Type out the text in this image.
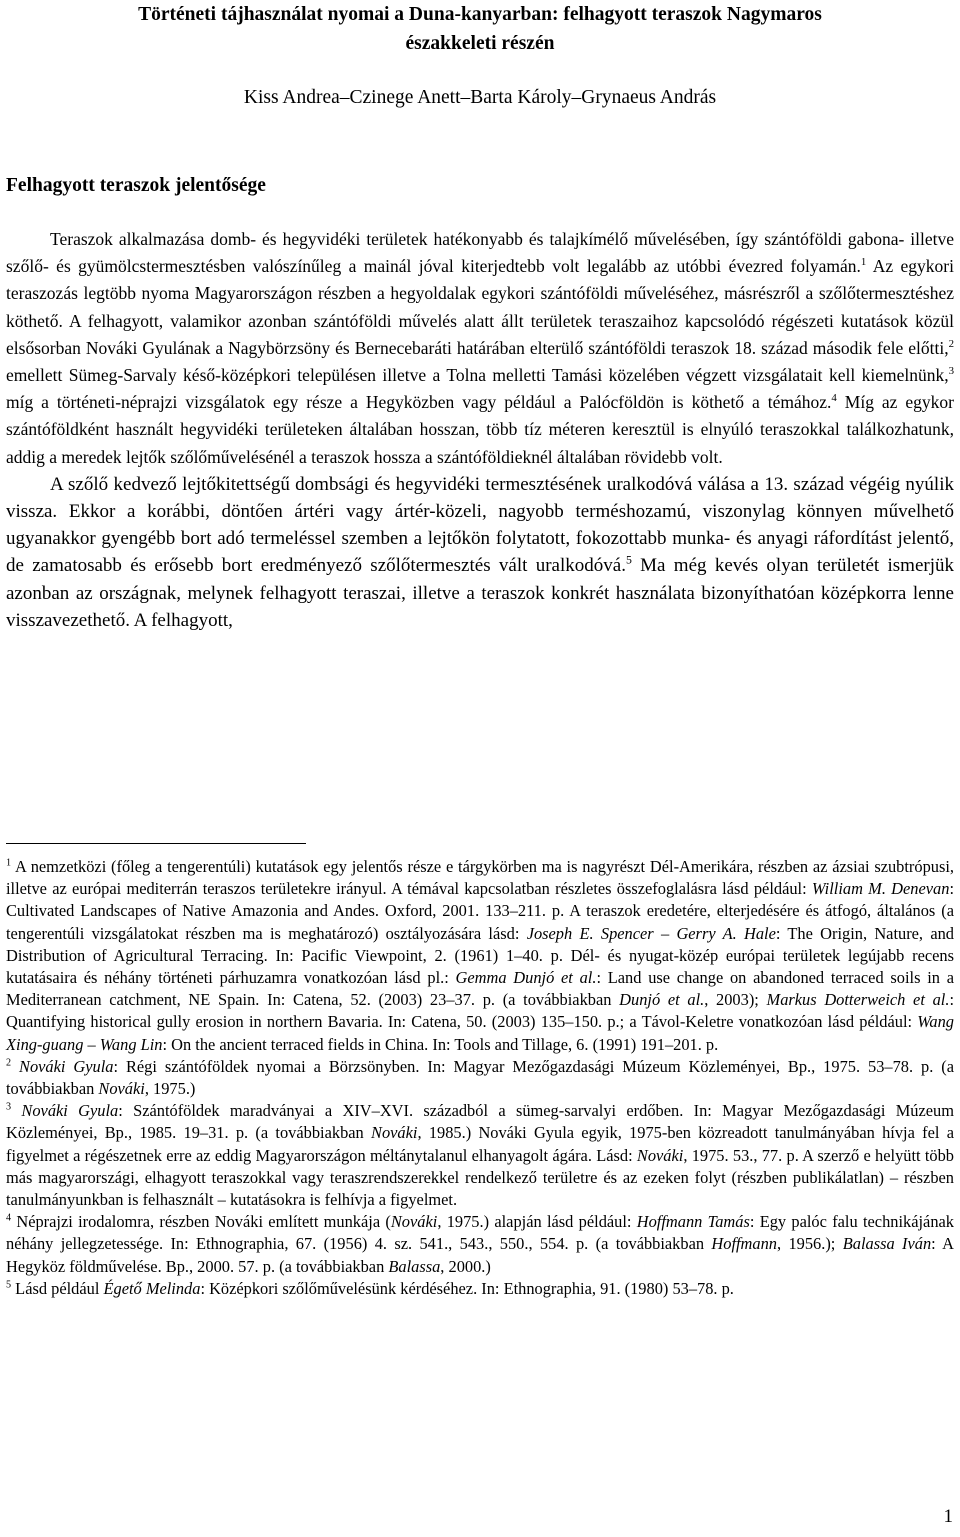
Történeti tájhasználat nyomai a Duna-kanyarban: felhagyott teraszok Nagymaros
északkeleti részén
Kiss Andrea–Czinege Anett–Barta Károly–Grynaeus András
Felhagyott teraszok jelentősége

Teraszok alkalmazása domb- és hegyvidéki területek hatékonyabb és talajkímélő művelésében, így szántóföldi gabona- illetve szőlő- és gyümölcstermesztésben valószínűleg a mainál jóval kiterjedtebb volt legalább az utóbbi évezred folyamán.$^1$ Az egykori teraszozás legtöbb nyoma Magyarországon részben a hegyoldalak egykori szántóföldi műveléséhez, másrészről a szőlőtermesztéshez köthető. A felhagyott, valamikor azonban szántóföldi művelés alatt állt területek teraszaihoz kapcsolódó régészeti kutatások közül elsősorban Nováki Gyulának a Nagybörzsöny és Bernecebaráti határában elterülő szántóföldi teraszok 18. század második fele előtti,$^2$ emellett Sümeg-Sarvaly késő-középkori településen illetve a Tolna melletti Tamási közelében végzett vizsgálatait kell kiemelnünk,$^3$ míg a történeti-néprajzi vizsgálatok egy része a Hegyközben vagy például a Palócföldön is köthető a témához.$^4$ Míg az egykor szántóföldként használt hegyvidéki területeken általában hosszan, több tíz méteren keresztül is elnyúló teraszokkal találkozhatunk, addig a meredek lejtők szőlőművelésénél a teraszok hossza a szántóföldieknél általában rövidebb volt.

A szőlő kedvező lejtőkitettségű dombsági és hegyvidéki termesztésének uralkodóvá válása a 13. század végéig nyúlik vissza. Ekkor a korábbi, döntően ártéri vagy ártér-közeli, nagyobb terméshozamú, viszonylag könnyen művelhető ugyanakkor gyengébb bort adó termeléssel szemben a lejtőkön folytatott, fokozottabb munka- és anyagi ráfordítást jelentő, de zamatosabb és erősebb bort eredményező szőlőtermesztés vált uralkodóvá.$^5$ Ma még kevés olyan területét ismerjük azonban az országnak, melynek felhagyott teraszai, illetve a teraszok konkrét használata bizonyíthatóan középkorra lenne visszavezethető. A felhagyott,

$^1$ A nemzetközi (főleg a tengerentúli) kutatások egy jelentős része e tárgykörben ma is nagyrészt Dél-Amerikára, részben az ázsiai szubtrópusi, illetve az európai mediterrán teraszos területekre irányul. A témával kapcsolatban részletes összefoglalásra lásd például: William M. Denevan: Cultivated Landscapes of Native Amazonia and Andes. Oxford, 2001. 133–211. p. A teraszok eredetére, elterjedésére és átfogó, általános (a tengerentúli vizsgálatokat részben ma is meghatározó) osztályozására lásd: Joseph E. Spencer – Gerry A. Hale: The Origin, Nature, and Distribution of Agricultural Terracing. In: Pacific Viewpoint, 2. (1961) 1–40. p. Dél- és nyugat-közép európai területek legújabb recens kutatásaira és néhány történeti párhuzamra vonatkozóan lásd pl.: Gemma Dunjó et al.: Land use change on abandoned terraced soils in a Mediterranean catchment, NE Spain. In: Catena, 52. (2003) 23–37. p. (a továbbiakban Dunjó et al., 2003); Markus Dotterweich et al.: Quantifying historical gully erosion in northern Bavaria. In: Catena, 50. (2003) 135–150. p.; a Távol-Keletre vonatkozóan lásd például: Wang Xing-guang – Wang Lin: On the ancient terraced fields in China. In: Tools and Tillage, 6. (1991) 191–201. p.

$^2$ Nováki Gyula: Régi szántóföldek nyomai a Börzsönyben. In: Magyar Mezőgazdasági Múzeum Közleményei, Bp., 1975. 53–78. p. (a továbbiakban Nováki, 1975.)

$^3$ Nováki Gyula: Szántóföldek maradványai a XIV–XVI. századból a sümeg-sarvalyi erdőben. In: Magyar Mezőgazdasági Múzeum Közleményei, Bp., 1985. 19–31. p. (a továbbiakban Nováki, 1985.) Nováki Gyula egyik, 1975-ben közreadott tanulmányában hívja fel a figyelmet a régészetnek erre az eddig Magyarországon méltánytalanul elhanyagolt ágára. Lásd: Nováki, 1975. 53., 77. p. A szerző e helyütt több más magyarországi, elhagyott teraszokkal vagy teraszrendszerekkel rendelkező területre és az ezeken folyt (részben publikálatlan) – részben tanulmányunkban is felhasznált – kutatásokra is felhívja a figyelmet.

$^4$ Néprajzi irodalomra, részben Nováki említett munkája (Nováki, 1975.) alapján lásd például: Hoffmann Tamás: Egy palóc falu technikájának néhány jellegzetessége. In: Ethnographia, 67. (1956) 4. sz. 541., 543., 550., 554. p. (a továbbiakban Hoffmann, 1956.); Balassa Iván: A Hegyköz földművelése. Bp., 2000. 57. p. (a továbbiakban Balassa, 2000.)

$^5$ Lásd például Égető Melinda: Középkori szőlőművelésünk kérdéséhez. In: Ethnographia, 91. (1980) 53–78. p.

1
